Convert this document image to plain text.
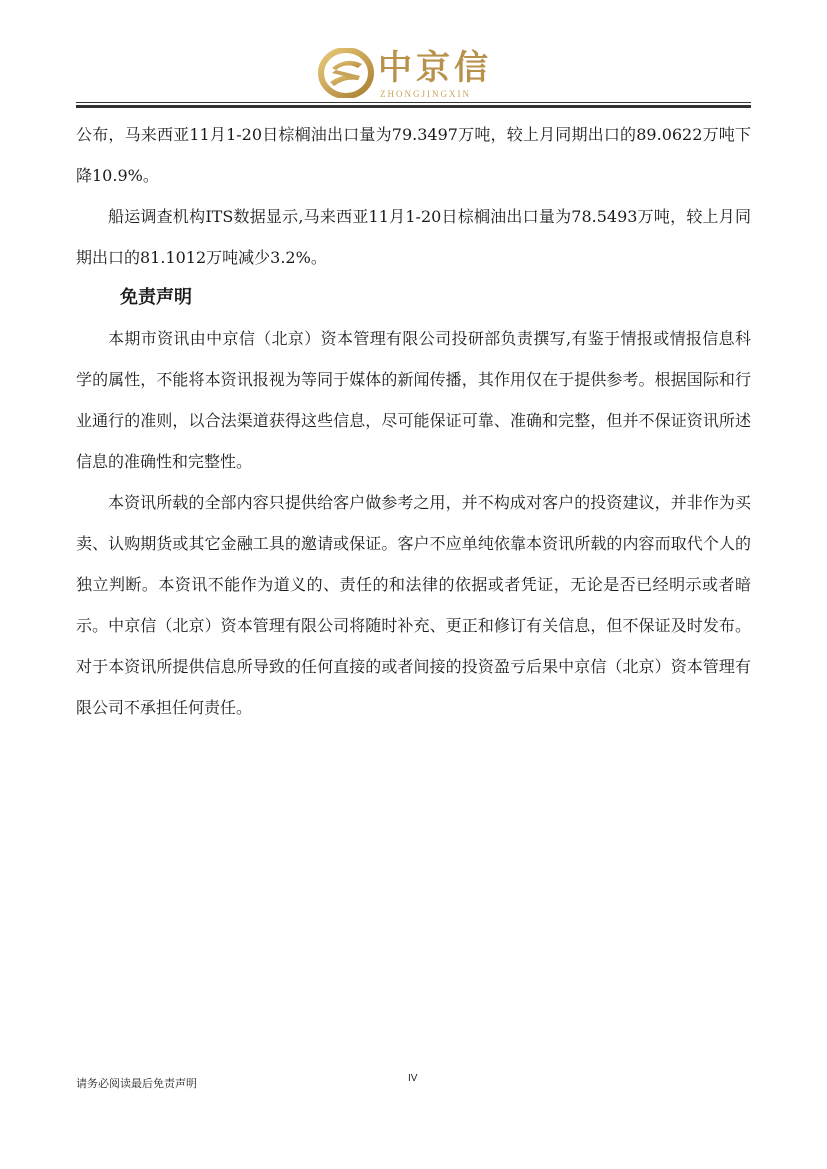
中京信
ZHONGJINGXIN

公布，马来西亚11月1-20日棕榈油出口量为79.3497万吨，较上月同期出口的89.0622万吨下降10.9%。

船运调查机构ITS数据显示,马来西亚11月1-20日棕榈油出口量为78.5493万吨，较上月同期出口的81.1012万吨减少3.2%。

免责声明

本期市资讯由中京信（北京）资本管理有限公司投研部负责撰写,有鉴于情报或情报信息科学的属性，不能将本资讯报视为等同于媒体的新闻传播，其作用仅在于提供参考。根据国际和行业通行的准则，以合法渠道获得这些信息，尽可能保证可靠、准确和完整，但并不保证资讯所述信息的准确性和完整性。

本资讯所载的全部内容只提供给客户做参考之用，并不构成对客户的投资建议，并非作为买卖、认购期货或其它金融工具的邀请或保证。客户不应单纯依靠本资讯所载的内容而取代个人的独立判断。本资讯不能作为道义的、责任的和法律的依据或者凭证，无论是否已经明示或者暗示。中京信（北京）资本管理有限公司将随时补充、更正和修订有关信息，但不保证及时发布。对于本资讯所提供信息所导致的任何直接的或者间接的投资盈亏后果中京信（北京）资本管理有限公司不承担任何责任。

请务必阅读最后免责声明	IV
